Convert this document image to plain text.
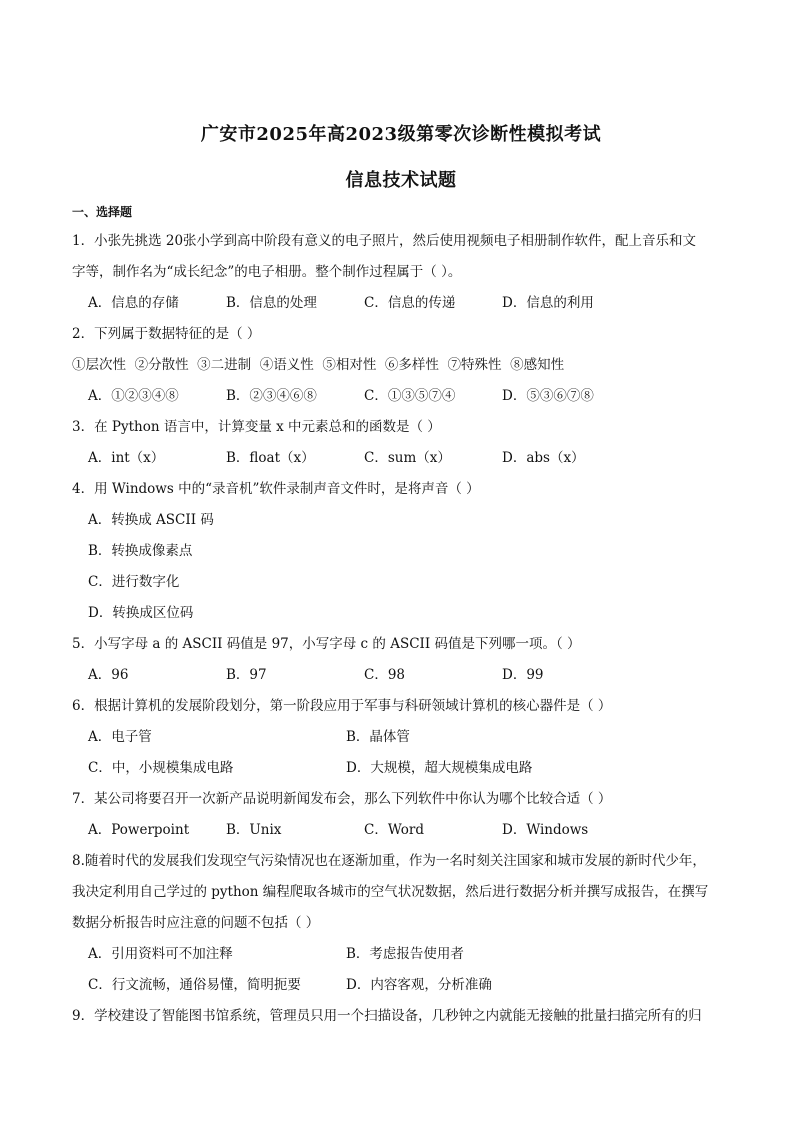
广安市2025年高2023级第零次诊断性模拟考试
信息技术试题
一、选择题
1．小张先挑选 20张小学到高中阶段有意义的电子照片，然后使用视频电子相册制作软件，配上音乐和文
字等，制作名为“成长纪念”的电子相册。整个制作过程属于（ ）。
A．信息的存储	B．信息的处理	C．信息的传递	D．信息的利用
2．下列属于数据特征的是（ ）
①层次性  ②分散性  ③二进制  ④语义性  ⑤相对性  ⑥多样性  ⑦特殊性  ⑧感知性
A．①②③④⑧	B．②③④⑥⑧	C．①③⑤⑦④	D．⑤③⑥⑦⑧
3．在 Python 语言中，计算变量 x 中元素总和的函数是（ ）
A．int（x）	B．float（x）	C．sum（x）	D．abs（x）
4．用 Windows 中的“录音机”软件录制声音文件时，是将声音（ ）
A．转换成 ASCII 码
B．转换成像素点
C．进行数字化
D．转换成区位码
5．小写字母 a 的 ASCII 码值是 97，小写字母 c 的 ASCII 码值是下列哪一项。（ ）
A．96	B．97	C．98	D．99
6．根据计算机的发展阶段划分，第一阶段应用于军事与科研领域计算机的核心器件是（ ）
A．电子管	B．晶体管
C．中，小规模集成电路	D．大规模，超大规模集成电路
7．某公司将要召开一次新产品说明新闻发布会，那么下列软件中你认为哪个比较合适（ ）
A．Powerpoint	B．Unix	C．Word	D．Windows
8.随着时代的发展我们发现空气污染情况也在逐渐加重，作为一名时刻关注国家和城市发展的新时代少年，
我决定利用自己学过的 python 编程爬取各城市的空气状况数据，然后进行数据分析并撰写成报告，在撰写
数据分析报告时应注意的问题不包括（ ）
A．引用资料可不加注释	B．考虑报告使用者
C．行文流畅，通俗易懂，简明扼要	D．内容客观，分析准确
9．学校建设了智能图书馆系统，管理员只用一个扫描设备，几秒钟之内就能无接触的批量扫描完所有的归
